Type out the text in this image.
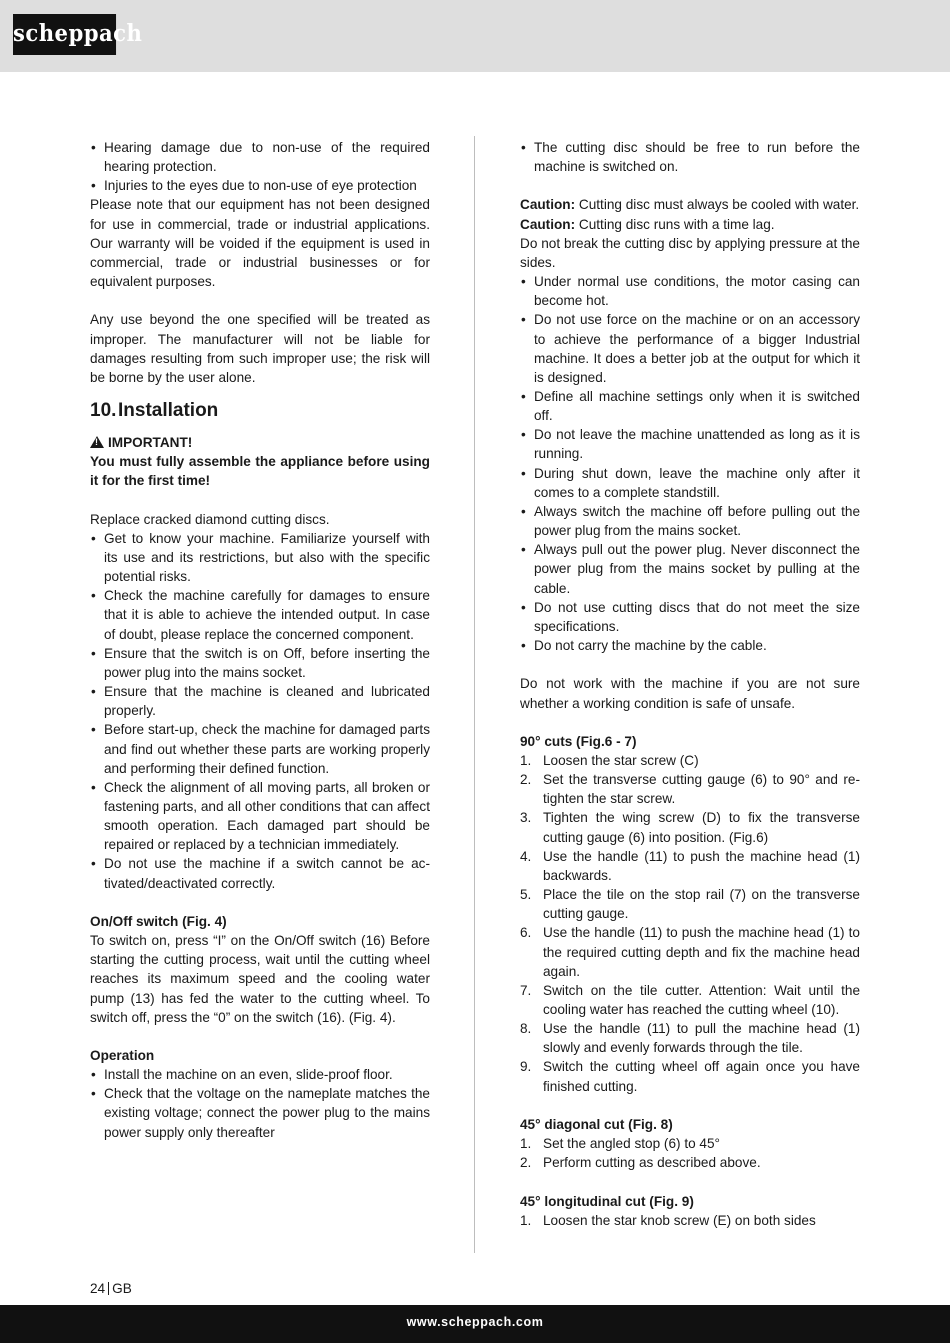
scheppach
• Hearing damage due to non-use of the required hearing protection.
• Injuries to the eyes due to non-use of eye protection

Please note that our equipment has not been designed for use in commercial, trade or industrial applications. Our warranty will be voided if the equipment is used in commercial, trade or industrial businesses or for equivalent purposes.

Any use beyond the one specified will be treated as improper. The manufacturer will not be liable for damages resulting from such improper use; the risk will be borne by the user alone.

10.Installation

!IMPORTANT!

You must fully assemble the appliance before using it for the first time!

Replace cracked diamond cutting discs.

• Get to know your machine. Familiarize yourself with its use and its restrictions, but also with the specific potential risks.
• Check the machine carefully for damages to ensure that it is able to achieve the intended output. In case of doubt, please replace the concerned component.
• Ensure that the switch is on Off, before inserting the power plug into the mains socket.
• Ensure that the machine is cleaned and lubricated properly.
• Before start-up, check the machine for damaged parts and find out whether these parts are working properly and performing their defined function.
• Check the alignment of all moving parts, all broken or fastening parts, and all other conditions that can affect smooth operation. Each damaged part should be repaired or replaced by a technician immediately.
• Do not use the machine if a switch cannot be activated/deactivated correctly.

On/Off switch (Fig. 4)

To switch on, press “I” on the On/Off switch (16) Before starting the cutting process, wait until the cutting wheel reaches its maximum speed and the cooling water pump (13) has fed the water to the cutting wheel. To switch off, press the “0” on the switch (16). (Fig. 4).

Operation

• Install the machine on an even, slide-proof floor.
• Check that the voltage on the nameplate matches the existing voltage; connect the power plug to the mains power supply only thereafter
• The cutting disc should be free to run before the machine is switched on.

Caution: Cutting disc must always be cooled with water.

Caution: Cutting disc runs with a time lag.

Do not break the cutting disc by applying pressure at the sides.

• Under normal use conditions, the motor casing can become hot.
• Do not use force on the machine or on an accessory to achieve the performance of a bigger Industrial machine. It does a better job at the output for which it is designed.
• Define all machine settings only when it is switched off.
• Do not leave the machine unattended as long as it is running.
• During shut down, leave the machine only after it comes to a complete standstill.
• Always switch the machine off before pulling out the power plug from the mains socket.
• Always pull out the power plug. Never disconnect the power plug from the mains socket by pulling at the cable.
• Do not use cutting discs that do not meet the size specifications.
• Do not carry the machine by the cable.

Do not work with the machine if you are not sure whether a working condition is safe of unsafe.

90° cuts (Fig.6 - 7)

1. Loosen the star screw (C)
2. Set the transverse cutting gauge (6) to 90° and re-tighten the star screw.
3. Tighten the wing screw (D) to fix the transverse cutting gauge (6) into position. (Fig.6)
4. Use the handle (11) to push the machine head (1) backwards.
5. Place the tile on the stop rail (7) on the transverse cutting gauge.
6. Use the handle (11) to push the machine head (1) to the required cutting depth and fix the machine head again.
7. Switch on the tile cutter. Attention: Wait until the cooling water has reached the cutting wheel (10).
8. Use the handle (11) to pull the machine head (1) slowly and evenly forwards through the tile.
9. Switch the cutting wheel off again once you have finished cutting.

45° diagonal cut (Fig. 8)

1. Set the angled stop (6) to 45°
2. Perform cutting as described above.

45° longitudinal cut (Fig. 9)

1. Loosen the star knob screw (E) on both sides
24 GB
www.scheppach.com
